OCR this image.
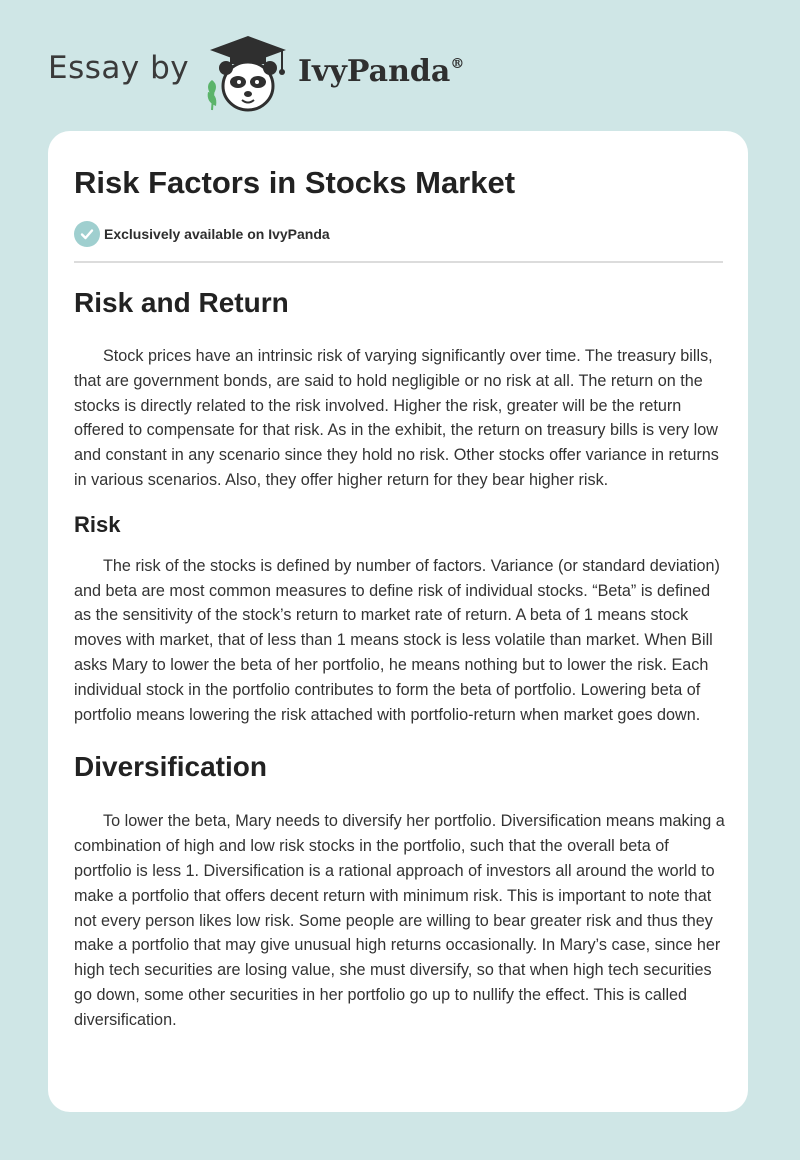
Essay by	IvyPanda®
Risk Factors in Stocks Market
Exclusively available on IvyPanda
Risk and Return

Stock prices have an intrinsic risk of varying significantly over time. The treasury bills, that are government bonds, are said to hold negligible or no risk at all. The return on the stocks is directly related to the risk involved. Higher the risk, greater will be the return offered to compensate for that risk. As in the exhibit, the return on treasury bills is very low and constant in any scenario since they hold no risk. Other stocks offer variance in returns in various scenarios. Also, they offer higher return for they bear higher risk.

Risk

The risk of the stocks is defined by number of factors. Variance (or standard deviation) and beta are most common measures to define risk of individual stocks. “Beta” is defined as the sensitivity of the stock’s return to market rate of return. A beta of 1 means stock moves with market, that of less than 1 means stock is less volatile than market. When Bill asks Mary to lower the beta of her portfolio, he means nothing but to lower the risk. Each individual stock in the portfolio contributes to form the beta of portfolio. Lowering beta of portfolio means lowering the risk attached with portfolio-return when market goes down.

Diversification

To lower the beta, Mary needs to diversify her portfolio. Diversification means making a combination of high and low risk stocks in the portfolio, such that the overall beta of portfolio is less 1. Diversification is a rational approach of investors all around the world to make a portfolio that offers decent return with minimum risk. This is important to note that not every person likes low risk. Some people are willing to bear greater risk and thus they make a portfolio that may give unusual high returns occasionally. In Mary’s case, since her high tech securities are losing value, she must diversify, so that when high tech securities go down, some other securities in her portfolio go up to nullify the effect. This is called diversification.
